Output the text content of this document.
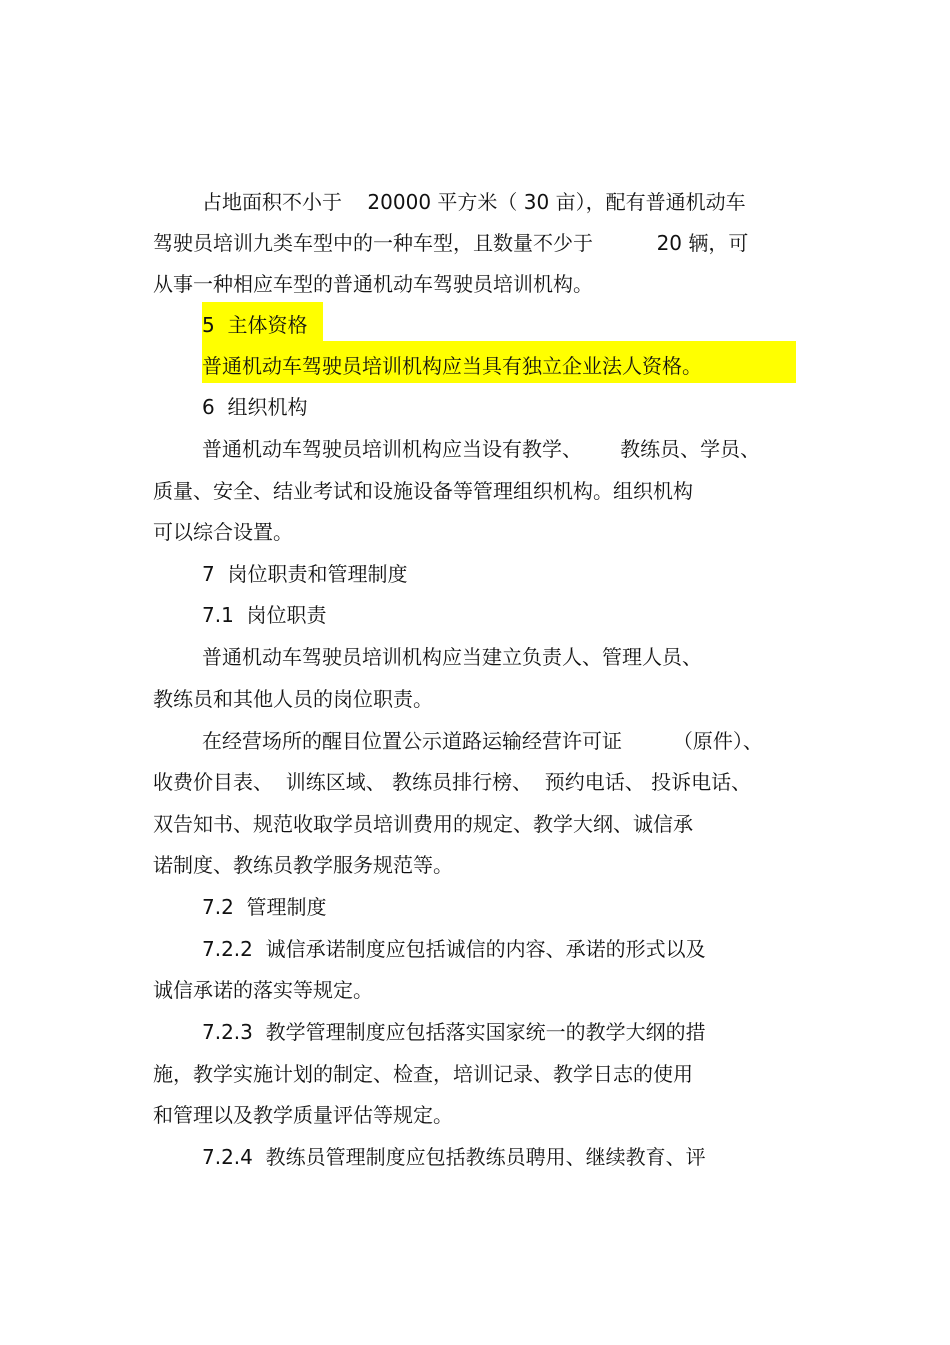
占地面积不小于    20000 平方米（ 30 亩），配有普通机动车
驾驶员培训九类车型中的一种车型，且数量不少于          20 辆，可
从事一种相应车型的普通机动车驾驶员培训机构。
5  主体资格
普通机动车驾驶员培训机构应当具有独立企业法人资格。
6  组织机构
普通机动车驾驶员培训机构应当设有教学、      教练员、学员、
质量、安全、结业考试和设施设备等管理组织机构。组织机构
可以综合设置。
7  岗位职责和管理制度
7.1  岗位职责
普通机动车驾驶员培训机构应当建立负责人、管理人员、
教练员和其他人员的岗位职责。
在经营场所的醒目位置公示道路运输经营许可证        （原件）、
收费价目表、  训练区域、 教练员排行榜、  预约电话、 投诉电话、
双告知书、规范收取学员培训费用的规定、教学大纲、诚信承
诺制度、教练员教学服务规范等。
7.2  管理制度
7.2.2  诚信承诺制度应包括诚信的内容、承诺的形式以及
诚信承诺的落实等规定。
7.2.3  教学管理制度应包括落实国家统一的教学大纲的措
施，教学实施计划的制定、检查，培训记录、教学日志的使用
和管理以及教学质量评估等规定。
7.2.4  教练员管理制度应包括教练员聘用、继续教育、评
